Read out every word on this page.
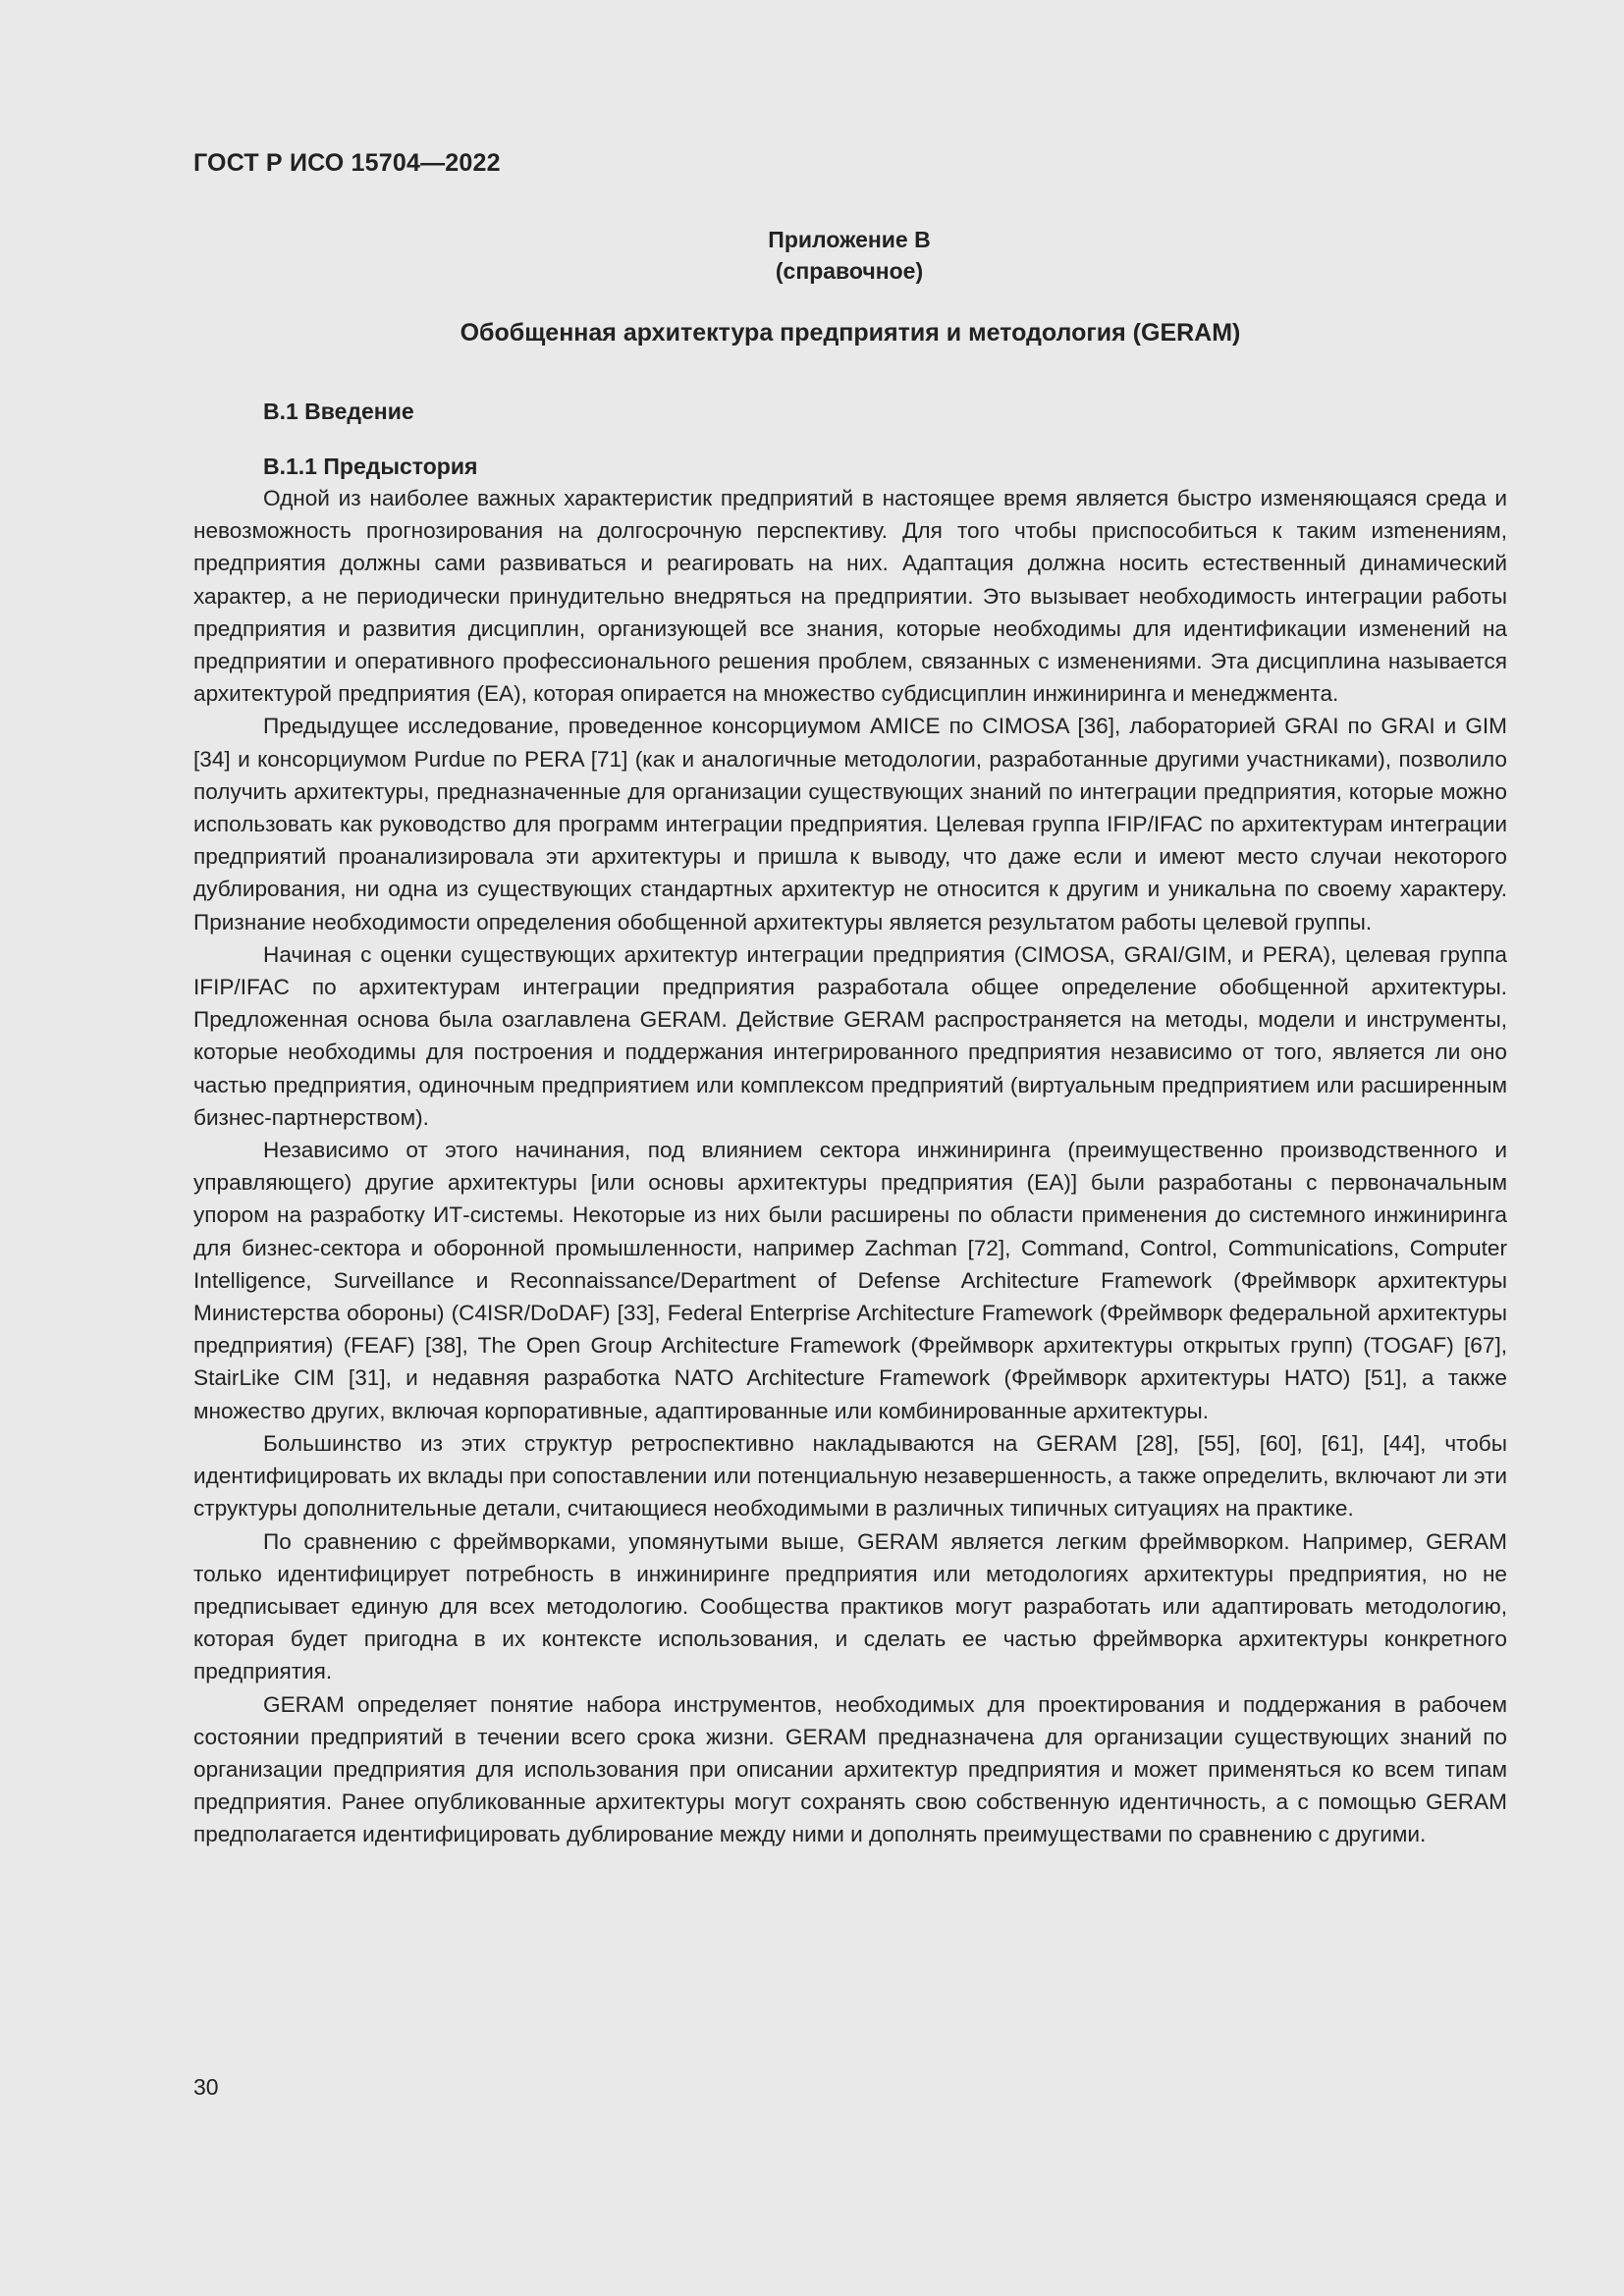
ГОСТ Р ИСО 15704—2022
Приложение В
(справочное)
Обобщенная архитектура предприятия и методология (GERAM)
В.1 Введение
В.1.1 Предыстория

Одной из наиболее важных характеристик предприятий в настоящее время является быстро изменяющаяся среда и невозможность прогнозирования на долгосрочную перспективу. Для того чтобы приспособиться к таким изmенениям, предприятия должны сами развиваться и реагировать на них. Адаптация должна носить естественный динамический характер, а не периодически принудительно внедряться на предприятии. Это вызывает необходимость интеграции работы предприятия и развития дисциплин, организующей все знания, которые необходимы для идентификации изменений на предприятии и оперативного профессионального решения проблем, связанных с изменениями. Эта дисциплина называется архитектурой предприятия (EA), которая опирается на множество субдисциплин инжиниринга и менеджмента.

Предыдущее исследование, проведенное консорциумом AMICE по CIMOSA [36], лабораторией GRAI по GRAI и GIM [34] и консорциумом Purdue по PERA [71] (как и аналогичные методологии, разработанные другими участниками), позволило получить архитектуры, предназначенные для организации существующих знаний по интеграции предприятия, которые можно использовать как руководство для программ интеграции предприятия. Целевая группа IFIP/IFAC по архитектурам интеграции предприятий проанализировала эти архитектуры и пришла к выводу, что даже если и имеют место случаи некоторого дублирования, ни одна из существующих стандартных архитектур не относится к другим и уникальна по своему характеру. Признание необходимости определения обобщенной архитектуры является результатом работы целевой группы.

Начиная с оценки существующих архитектур интеграции предприятия (CIMOSA, GRAI/GIM, и PERA), целевая группа IFIP/IFAC по архитектурам интеграции предприятия разработала общее определение обобщенной архитектуры. Предложенная основа была озаглавлена GERAM. Действие GERAM распространяется на методы, модели и инструменты, которые необходимы для построения и поддержания интегрированного предприятия независимо от того, является ли оно частью предприятия, одиночным предприятием или комплексом предприятий (виртуальным предприятием или расширенным бизнес-партнерством).

Независимо от этого начинания, под влиянием сектора инжиниринга (преимущественно производственного и управляющего) другие архитектуры [или основы архитектуры предприятия (EA)] были разработаны с первоначальным упором на разработку ИТ-системы. Некоторые из них были расширены по области применения до системного инжиниринга для бизнес-сектора и оборонной промышленности, например Zachman [72], Command, Control, Communications, Computer Intelligence, Surveillance и Reconnaissance/Department of Defense Architecture Framework (Фреймворк архитектуры Министерства обороны) (C4ISR/DoDAF) [33], Federal Enterprise Architecture Framework (Фреймворк федеральной архитектуры предприятия) (FEAF) [38], The Open Group Architecture Framework (Фреймворк архитектуры открытых групп) (TOGAF) [67], StairLike CIM [31], и недавняя разработка NATO Architecture Framework (Фреймворк архитектуры НАТО) [51], а также множество других, включая корпоративные, адаптированные или комбинированные архитектуры.

Большинство из этих структур ретроспективно накладываются на GERAM [28], [55], [60], [61], [44], чтобы идентифицировать их вклады при сопоставлении или потенциальную незавершенность, а также определить, включают ли эти структуры дополнительные детали, считающиеся необходимыми в различных типичных ситуациях на практике.

По сравнению с фреймворками, упомянутыми выше, GERAM является легким фреймворком. Например, GERAM только идентифицирует потребность в инжиниринге предприятия или методологиях архитектуры предприятия, но не предписывает единую для всех методологию. Сообщества практиков могут разработать или адаптировать методологию, которая будет пригодна в их контексте использования, и сделать ее частью фреймворка архитектуры конкретного предприятия.

GERAM определяет понятие набора инструментов, необходимых для проектирования и поддержания в рабочем состоянии предприятий в течении всего срока жизни. GERAM предназначена для организации существующих знаний по организации предприятия для использования при описании архитектур предприятия и может применяться ко всем типам предприятия. Ранее опубликованные архитектуры могут сохранять свою собственную идентичность, а с помощью GERAM предполагается идентифицировать дублирование между ними и дополнять преимуществами по сравнению с другими.

30
